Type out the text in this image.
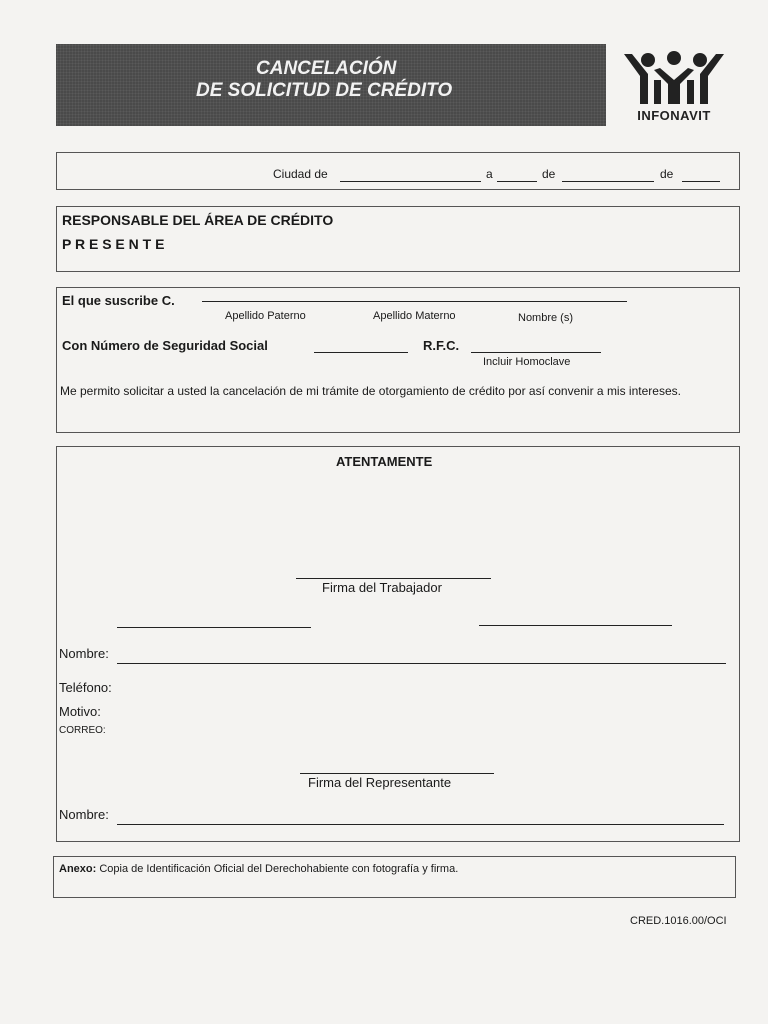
CANCELACIÓN
DE SOLICITUD DE CRÉDITO
INFONAVIT
Ciudad de	a	de	de
RESPONSABLE DEL ÁREA DE CRÉDITO
P R E S E N T E
El que suscribe C.
Apellido Paterno	Apellido Materno	Nombre (s)
Con Número de Seguridad Social	R.F.C.
Incluir Homoclave
Me permito solicitar a usted la cancelación de mi trámite de otorgamiento de crédito por así convenir a mis intereses.
ATENTAMENTE
Firma del Trabajador
Nombre:
Teléfono:
Motivo:
CORREO:
Firma del Representante
Nombre:
Anexo: Copia de Identificación Oficial del Derechohabiente con fotografía y firma.
CRED.1016.00/OCI
